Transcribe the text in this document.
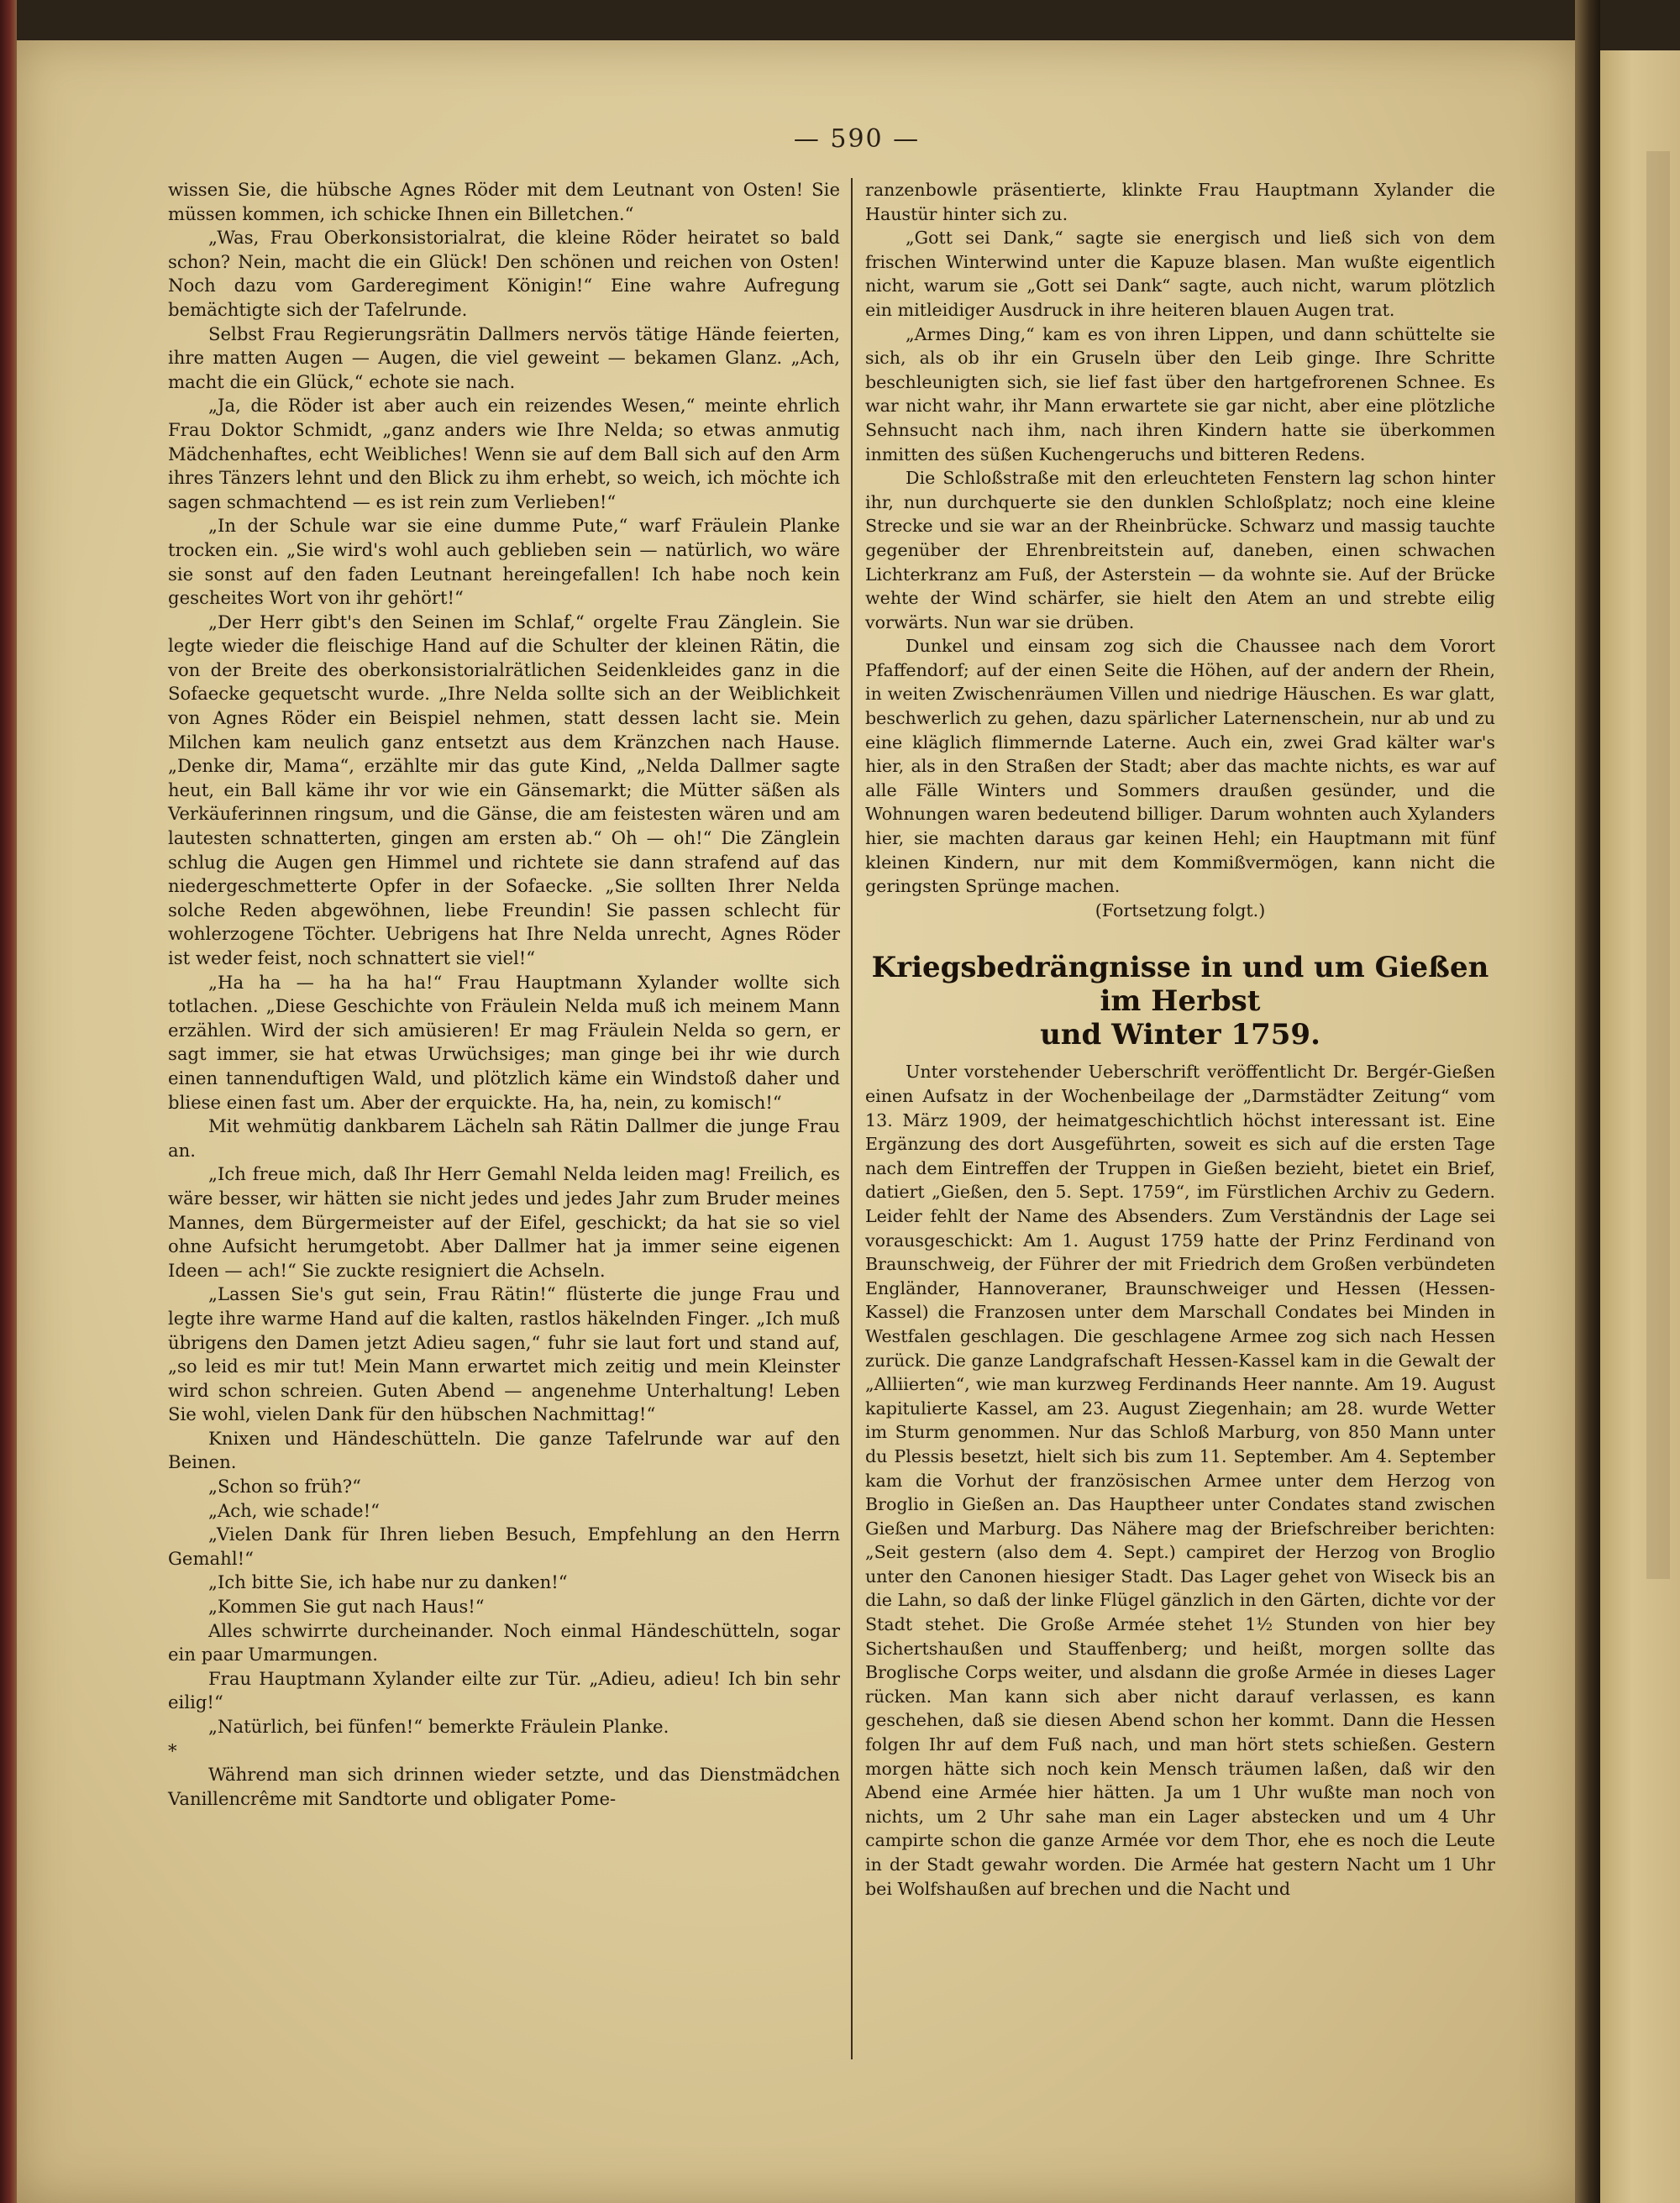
— 590 —

wissen Sie, die hübsche Agnes Röder mit dem Leutnant von Osten! Sie müssen kommen, ich schicke Ihnen ein Billetchen.“

„Was, Frau Oberkonsistorialrat, die kleine Röder heiratet so bald schon? Nein, macht die ein Glück! Den schönen und reichen von Osten! Noch dazu vom Garderegiment Königin!“ Eine wahre Aufregung bemächtigte sich der Tafelrunde.

Selbst Frau Regierungsrätin Dallmers nervös tätige Hände feierten, ihre matten Augen — Augen, die viel geweint — bekamen Glanz. „Ach, macht die ein Glück,“ echote sie nach.

„Ja, die Röder ist aber auch ein reizendes Wesen,“ meinte ehrlich Frau Doktor Schmidt, „ganz anders wie Ihre Nelda; so etwas anmutig Mädchenhaftes, echt Weibliches! Wenn sie auf dem Ball sich auf den Arm ihres Tänzers lehnt und den Blick zu ihm erhebt, so weich, ich möchte ich sagen schmachtend — es ist rein zum Verlieben!“

„In der Schule war sie eine dumme Pute,“ warf Fräulein Planke trocken ein. „Sie wird's wohl auch geblieben sein — natürlich, wo wäre sie sonst auf den faden Leutnant hereingefallen! Ich habe noch kein gescheites Wort von ihr gehört!“

„Der Herr gibt's den Seinen im Schlaf,“ orgelte Frau Zänglein. Sie legte wieder die fleischige Hand auf die Schulter der kleinen Rätin, die von der Breite des oberkonsistorialrätlichen Seidenkleides ganz in die Sofaecke gequetscht wurde. „Ihre Nelda sollte sich an der Weiblichkeit von Agnes Röder ein Beispiel nehmen, statt dessen lacht sie. Mein Milchen kam neulich ganz entsetzt aus dem Kränzchen nach Hause. „Denke dir, Mama“, erzählte mir das gute Kind, „Nelda Dallmer sagte heut, ein Ball käme ihr vor wie ein Gänsemarkt; die Mütter säßen als Verkäuferinnen ringsum, und die Gänse, die am feistesten wären und am lautesten schnatterten, gingen am ersten ab.“ Oh — oh!“ Die Zänglein schlug die Augen gen Himmel und richtete sie dann strafend auf das niedergeschmetterte Opfer in der Sofaecke. „Sie sollten Ihrer Nelda solche Reden abgewöhnen, liebe Freundin! Sie passen schlecht für wohlerzogene Töchter. Uebrigens hat Ihre Nelda unrecht, Agnes Röder ist weder feist, noch schnattert sie viel!“

„Ha ha — ha ha ha!“ Frau Hauptmann Xylander wollte sich totlachen. „Diese Geschichte von Fräulein Nelda muß ich meinem Mann erzählen. Wird der sich amüsieren! Er mag Fräulein Nelda so gern, er sagt immer, sie hat etwas Urwüchsiges; man ginge bei ihr wie durch einen tannenduftigen Wald, und plötzlich käme ein Windstoß daher und bliese einen fast um. Aber der erquickte. Ha, ha, nein, zu komisch!“

Mit wehmütig dankbarem Lächeln sah Rätin Dallmer die junge Frau an.

„Ich freue mich, daß Ihr Herr Gemahl Nelda leiden mag! Freilich, es wäre besser, wir hätten sie nicht jedes und jedes Jahr zum Bruder meines Mannes, dem Bürgermeister auf der Eifel, geschickt; da hat sie so viel ohne Aufsicht herumgetobt. Aber Dallmer hat ja immer seine eigenen Ideen — ach!“ Sie zuckte resigniert die Achseln.

„Lassen Sie's gut sein, Frau Rätin!“ flüsterte die junge Frau und legte ihre warme Hand auf die kalten, rastlos häkelnden Finger. „Ich muß übrigens den Damen jetzt Adieu sagen,“ fuhr sie laut fort und stand auf, „so leid es mir tut! Mein Mann erwartet mich zeitig und mein Kleinster wird schon schreien. Guten Abend — angenehme Unterhaltung! Leben Sie wohl, vielen Dank für den hübschen Nachmittag!“

Knixen und Händeschütteln. Die ganze Tafelrunde war auf den Beinen.

„Schon so früh?“

„Ach, wie schade!“

„Vielen Dank für Ihren lieben Besuch, Empfehlung an den Herrn Gemahl!“

„Ich bitte Sie, ich habe nur zu danken!“

„Kommen Sie gut nach Haus!“

Alles schwirrte durcheinander. Noch einmal Händeschütteln, sogar ein paar Umarmungen.

Frau Hauptmann Xylander eilte zur Tür. „Adieu, adieu! Ich bin sehr eilig!“

„Natürlich, bei fünfen!“ bemerkte Fräulein Planke.

*

Während man sich drinnen wieder setzte, und das Dienstmädchen Vanillencrême mit Sandtorte und obligater Pome-

ranzenbowle präsentierte, klinkte Frau Hauptmann Xylander die Haustür hinter sich zu.

„Gott sei Dank,“ sagte sie energisch und ließ sich von dem frischen Winterwind unter die Kapuze blasen. Man wußte eigentlich nicht, warum sie „Gott sei Dank“ sagte, auch nicht, warum plötzlich ein mitleidiger Ausdruck in ihre heiteren blauen Augen trat.

„Armes Ding,“ kam es von ihren Lippen, und dann schüttelte sie sich, als ob ihr ein Gruseln über den Leib ginge. Ihre Schritte beschleunigten sich, sie lief fast über den hartgefrorenen Schnee. Es war nicht wahr, ihr Mann erwartete sie gar nicht, aber eine plötzliche Sehnsucht nach ihm, nach ihren Kindern hatte sie überkommen inmitten des süßen Kuchengeruchs und bitteren Redens.

Die Schloßstraße mit den erleuchteten Fenstern lag schon hinter ihr, nun durchquerte sie den dunklen Schloßplatz; noch eine kleine Strecke und sie war an der Rheinbrücke. Schwarz und massig tauchte gegenüber der Ehrenbreitstein auf, daneben, einen schwachen Lichterkranz am Fuß, der Asterstein — da wohnte sie. Auf der Brücke wehte der Wind schärfer, sie hielt den Atem an und strebte eilig vorwärts. Nun war sie drüben.

Dunkel und einsam zog sich die Chaussee nach dem Vorort Pfaffendorf; auf der einen Seite die Höhen, auf der andern der Rhein, in weiten Zwischenräumen Villen und niedrige Häuschen. Es war glatt, beschwerlich zu gehen, dazu spärlicher Laternenschein, nur ab und zu eine kläglich flimmernde Laterne. Auch ein, zwei Grad kälter war's hier, als in den Straßen der Stadt; aber das machte nichts, es war auf alle Fälle Winters und Sommers draußen gesünder, und die Wohnungen waren bedeutend billiger. Darum wohnten auch Xylanders hier, sie machten daraus gar keinen Hehl; ein Hauptmann mit fünf kleinen Kindern, nur mit dem Kommißvermögen, kann nicht die geringsten Sprünge machen.

(Fortsetzung folgt.)

Kriegsbedrängnisse in und um Gießen im Herbst
und Winter 1759.

Unter vorstehender Ueberschrift veröffentlicht Dr. Bergér-Gießen einen Aufsatz in der Wochenbeilage der „Darmstädter Zeitung“ vom 13. März 1909, der heimatgeschichtlich höchst interessant ist. Eine Ergänzung des dort Ausgeführten, soweit es sich auf die ersten Tage nach dem Eintreffen der Truppen in Gießen bezieht, bietet ein Brief, datiert „Gießen, den 5. Sept. 1759“, im Fürstlichen Archiv zu Gedern. Leider fehlt der Name des Absenders. Zum Verständnis der Lage sei vorausgeschickt: Am 1. August 1759 hatte der Prinz Ferdinand von Braunschweig, der Führer der mit Friedrich dem Großen verbündeten Engländer, Hannoveraner, Braunschweiger und Hessen (Hessen-Kassel) die Franzosen unter dem Marschall Condates bei Minden in Westfalen geschlagen. Die geschlagene Armee zog sich nach Hessen zurück. Die ganze Landgrafschaft Hessen-Kassel kam in die Gewalt der „Alliierten“, wie man kurzweg Ferdinands Heer nannte. Am 19. August kapitulierte Kassel, am 23. August Ziegenhain; am 28. wurde Wetter im Sturm genommen. Nur das Schloß Marburg, von 850 Mann unter du Plessis besetzt, hielt sich bis zum 11. September. Am 4. September kam die Vorhut der französischen Armee unter dem Herzog von Broglio in Gießen an. Das Hauptheer unter Condates stand zwischen Gießen und Marburg. Das Nähere mag der Briefschreiber berichten: „Seit gestern (also dem 4. Sept.) campiret der Herzog von Broglio unter den Canonen hiesiger Stadt. Das Lager gehet von Wiseck bis an die Lahn, so daß der linke Flügel gänzlich in den Gärten, dichte vor der Stadt stehet. Die Große Armée stehet 1½ Stunden von hier bey Sichertshaußen und Stauffenberg; und heißt, morgen sollte das Broglische Corps weiter, und alsdann die große Armée in dieses Lager rücken. Man kann sich aber nicht darauf verlassen, es kann geschehen, daß sie diesen Abend schon her kommt. Dann die Hessen folgen Ihr auf dem Fuß nach, und man hört stets schießen. Gestern morgen hätte sich noch kein Mensch träumen laßen, daß wir den Abend eine Armée hier hätten. Ja um 1 Uhr wußte man noch von nichts, um 2 Uhr sahe man ein Lager abstecken und um 4 Uhr campirte schon die ganze Armée vor dem Thor, ehe es noch die Leute in der Stadt gewahr worden. Die Armée hat gestern Nacht um 1 Uhr bei Wolfshaußen auf brechen und die Nacht und
